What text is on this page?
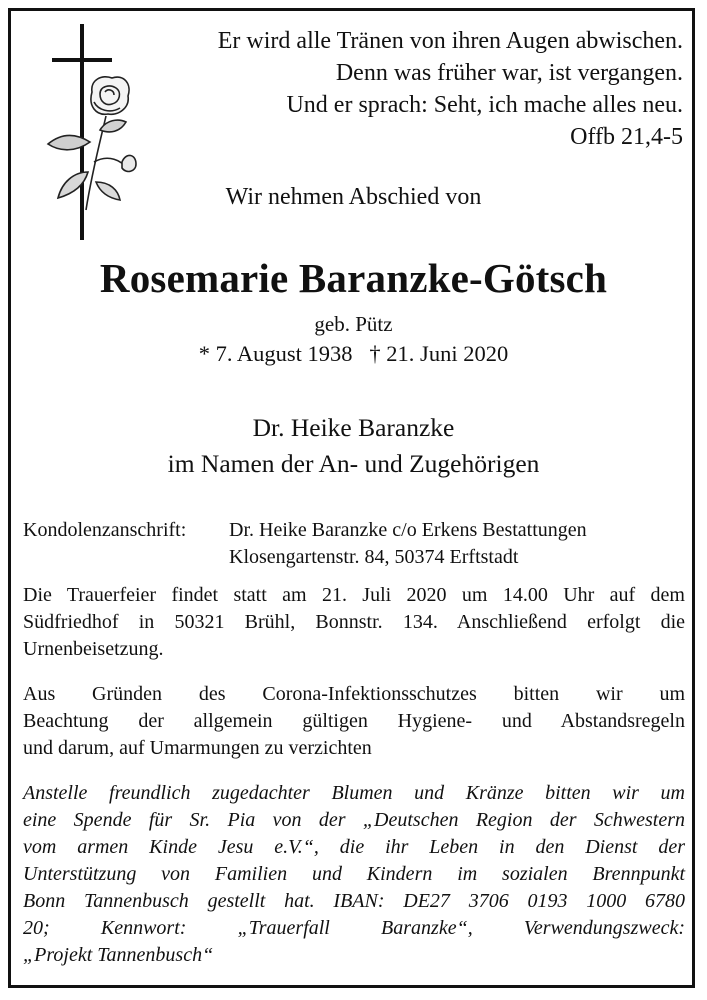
Er wird alle Tränen von ihren Augen abwischen.
Denn was früher war, ist vergangen.
Und er sprach: Seht, ich mache alles neu.
Offb 21,4-5
Wir nehmen Abschied von
Rosemarie Baranzke-Götsch
geb. Pütz
* 7. August 1938   † 21. Juni 2020
Dr. Heike Baranzke
im Namen der An- und Zugehörigen
Kondolenzanschrift: Dr. Heike Baranzke c/o Erkens Bestattungen
Klosengartenstr. 84, 50374 Erftstadt
Die Trauerfeier findet statt am 21. Juli 2020 um 14.00 Uhr auf dem
Südfriedhof in 50321 Brühl, Bonnstr. 134. Anschließend erfolgt die
Urnenbeisetzung.
Aus Gründen des Corona-Infektionsschutzes bitten wir um
Beachtung der allgemein gültigen Hygiene- und Abstandsregeln
und darum, auf Umarmungen zu verzichten
Anstelle freundlich zugedachter Blumen und Kränze bitten wir um
eine Spende für Sr. Pia von der „Deutschen Region der Schwestern
vom armen Kinde Jesu e.V.“, die ihr Leben in den Dienst der
Unterstützung von Familien und Kindern im sozialen Brennpunkt
Bonn Tannenbusch gestellt hat. IBAN: DE27 3706 0193 1000 6780
20; Kennwort: „Trauerfall Baranzke“, Verwendungszweck:
„Projekt Tannenbusch“
